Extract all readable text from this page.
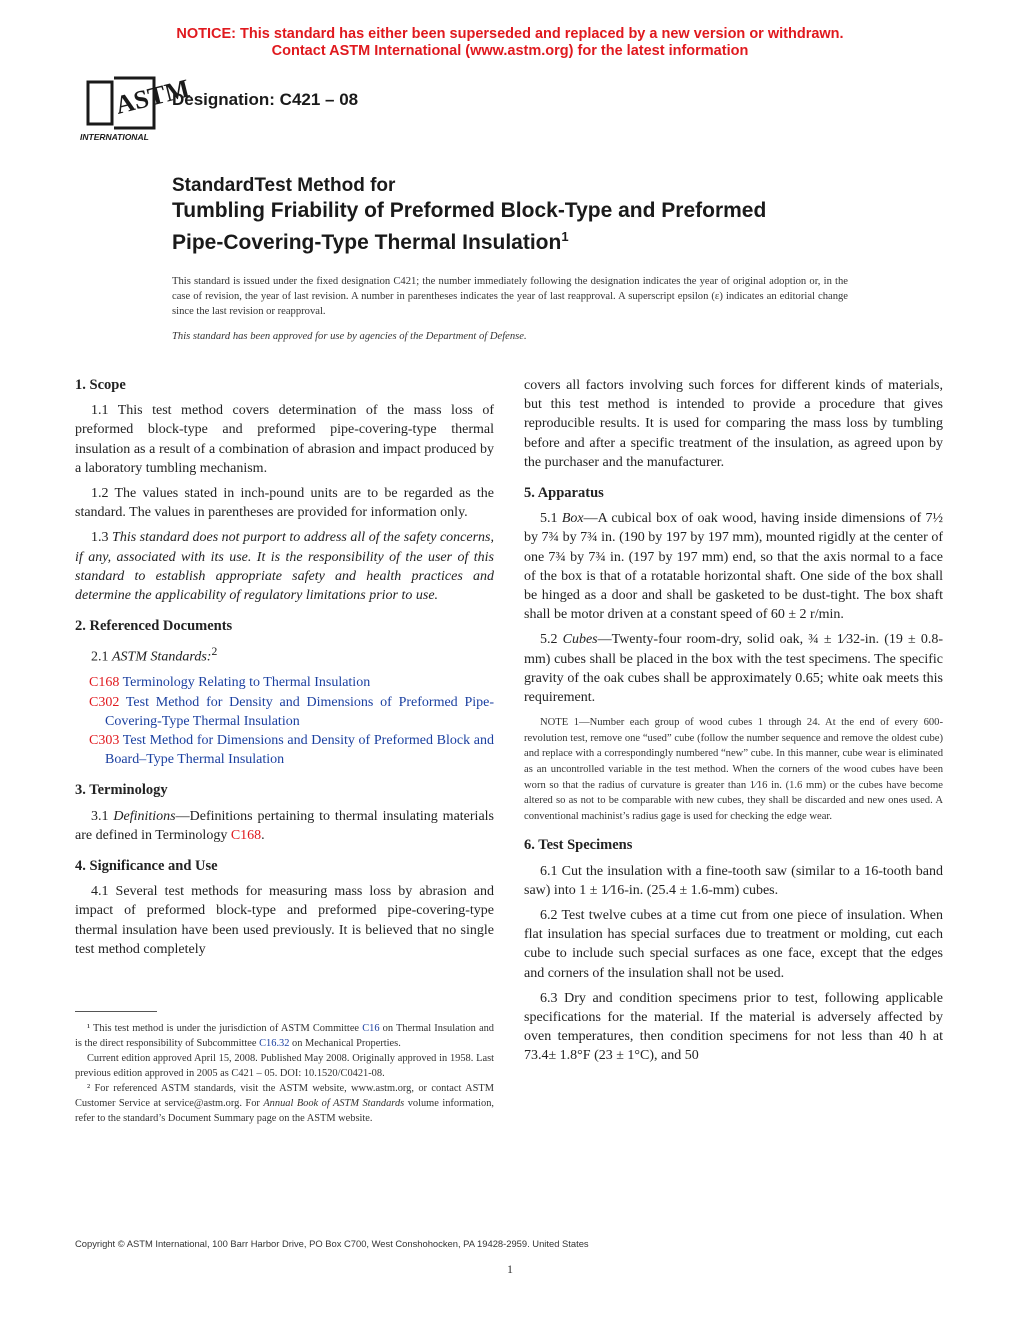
NOTICE: This standard has either been superseded and replaced by a new version or withdrawn.
Contact ASTM International (www.astm.org) for the latest information
ASTM
INTERNATIONAL
Designation: C421 – 08
StandardTest Method for
Tumbling Friability of Preformed Block-Type and Preformed
Pipe-Covering-Type Thermal Insulation$^1$
This standard is issued under the fixed designation C421; the number immediately following the designation indicates the year of original adoption or, in the case of revision, the year of last revision. A number in parentheses indicates the year of last reapproval. A superscript epsilon (ε) indicates an editorial change since the last revision or reapproval.
This standard has been approved for use by agencies of the Department of Defense.
1. Scope

1.1 This test method covers determination of the mass loss of preformed block-type and preformed pipe-covering-type thermal insulation as a result of a combination of abrasion and impact produced by a laboratory tumbling mechanism.

1.2 The values stated in inch-pound units are to be regarded as the standard. The values in parentheses are provided for information only.

1.3 This standard does not purport to address all of the safety concerns, if any, associated with its use. It is the responsibility of the user of this standard to establish appropriate safety and health practices and determine the applicability of regulatory limitations prior to use.

2. Referenced Documents

2.1 ASTM Standards:$^2$

C168 Terminology Relating to Thermal Insulation

C302 Test Method for Density and Dimensions of Preformed Pipe-Covering-Type Thermal Insulation

C303 Test Method for Dimensions and Density of Preformed Block and Board–Type Thermal Insulation

3. Terminology

3.1 Definitions—Definitions pertaining to thermal insulating materials are defined in Terminology C168.

4. Significance and Use

4.1 Several test methods for measuring mass loss by abrasion and impact of preformed block-type and preformed pipe-covering-type thermal insulation have been used previously. It is believed that no single test method completely

¹ This test method is under the jurisdiction of ASTM Committee C16 on Thermal Insulation and is the direct responsibility of Subcommittee C16.32 on Mechanical Properties.

Current edition approved April 15, 2008. Published May 2008. Originally approved in 1958. Last previous edition approved in 2005 as C421 – 05. DOI: 10.1520/C0421-08.

² For referenced ASTM standards, visit the ASTM website, www.astm.org, or contact ASTM Customer Service at service@astm.org. For Annual Book of ASTM Standards volume information, refer to the standard’s Document Summary page on the ASTM website.

covers all factors involving such forces for different kinds of materials, but this test method is intended to provide a procedure that gives reproducible results. It is used for comparing the mass loss by tumbling before and after a specific treatment of the insulation, as agreed upon by the purchaser and the manufacturer.

5. Apparatus

5.1 Box—A cubical box of oak wood, having inside dimensions of 7½ by 7¾ by 7¾ in. (190 by 197 by 197 mm), mounted rigidly at the center of one 7¾ by 7¾ in. (197 by 197 mm) end, so that the axis normal to a face of the box is that of a rotatable horizontal shaft. One side of the box shall be hinged as a door and shall be gasketed to be dust-tight. The box shaft shall be motor driven at a constant speed of 60 ± 2 r/min.

5.2 Cubes—Twenty-four room-dry, solid oak, ¾ ± 1⁄32-in. (19 ± 0.8-mm) cubes shall be placed in the box with the test specimens. The specific gravity of the oak cubes shall be approximately 0.65; white oak meets this requirement.

NOTE 1—Number each group of wood cubes 1 through 24. At the end of every 600-revolution test, remove one “used” cube (follow the number sequence and remove the oldest cube) and replace with a correspondingly numbered “new” cube. In this manner, cube wear is eliminated as an uncontrolled variable in the test method. When the corners of the wood cubes have been worn so that the radius of curvature is greater than 1⁄16 in. (1.6 mm) or the cubes have become altered so as not to be comparable with new cubes, they shall be discarded and new ones used. A conventional machinist’s radius gage is used for checking the edge wear.

6. Test Specimens

6.1 Cut the insulation with a fine-tooth saw (similar to a 16-tooth band saw) into 1 ± 1⁄16-in. (25.4 ± 1.6-mm) cubes.

6.2 Test twelve cubes at a time cut from one piece of insulation. When flat insulation has special surfaces due to treatment or molding, cut each cube to include such special surfaces as one face, except that the edges and corners of the insulation shall not be used.

6.3 Dry and condition specimens prior to test, following applicable specifications for the material. If the material is adversely affected by oven temperatures, then condition specimens for not less than 40 h at 73.4± 1.8°F (23 ± 1°C), and 50

Copyright © ASTM International, 100 Barr Harbor Drive, PO Box C700, West Conshohocken, PA 19428-2959. United States
1
